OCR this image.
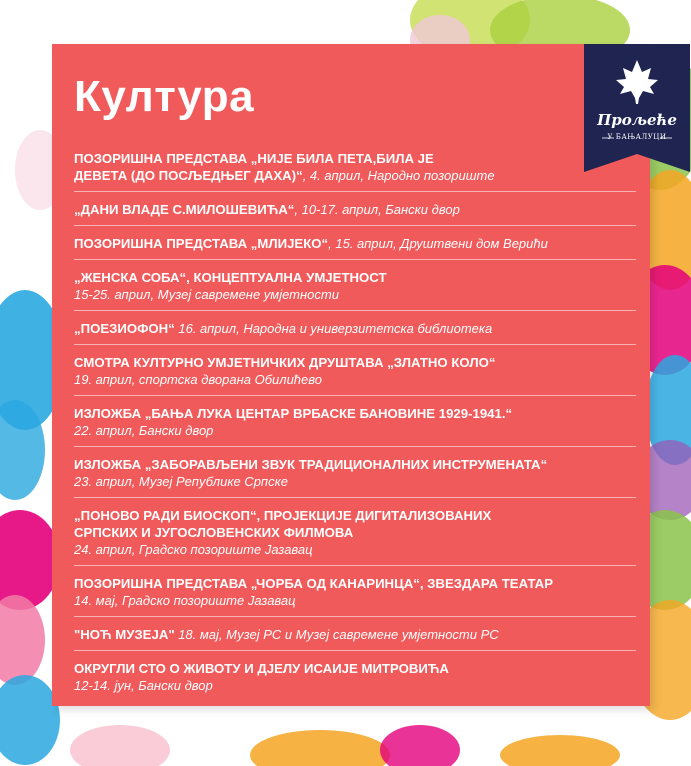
Култура
ПОЗОРИШНА ПРЕДСТАВА „НИЈЕ БИЛА ПЕТА,БИЛА ЈЕ
ДЕВЕТА (ДО ПОСЉЕДЊЕГ ДАХА)“, 4. април, Народно позориште
„ДАНИ ВЛАДЕ С.МИЛОШЕВИЋА“, 10-17. април, Бански двор
ПОЗОРИШНА ПРЕДСТАВА „МЛИЈЕКО“, 15. април, Друштвени дом Верићи
„ЖЕНСКА СОБА“, КОНЦЕПТУАЛНА УМЈЕТНОСТ
15-25. април, Музеј савремене умјетности
„ПОЕЗИОФОН“ 16. април, Народна и универзитетска библиотека
СМОТРА КУЛТУРНО УМЈЕТНИЧКИХ ДРУШТАВА „ЗЛАТНО КОЛО“
19. април, спортска дворана Обилићево
ИЗЛОЖБА „БАЊА ЛУКА ЦЕНТАР ВРБАСКЕ БАНОВИНЕ 1929-1941.“
22. април, Бански двор
ИЗЛОЖБА „ЗАБОРАВЉЕНИ ЗВУК ТРАДИЦИОНАЛНИХ ИНСТРУМЕНАТА“
23. април, Музеј Републике Српске
„ПОНОВО РАДИ БИОСКОП“, ПРОЈЕКЦИЈЕ ДИГИТАЛИЗОВАНИХ
СРПСКИХ И ЈУГОСЛОВЕНСКИХ ФИЛМОВА
24. април, Градско позориште Јазавац
ПОЗОРИШНА ПРЕДСТАВА „ЧОРБА ОД КАНАРИНЦА“, ЗВЕЗДАРА ТЕАТАР
14. мај, Градско позориште Јазавац
"НОЋ МУЗЕЈА" 18. мај, Музеј РС и Музеј савремене умјетности РС
ОКРУГЛИ СТО О ЖИВОТУ И ДЈЕЛУ ИСАИЈЕ МИТРОВИЋА
12-14. јун, Бански двор
Прољеће
У БАЊАЛУЦИ
